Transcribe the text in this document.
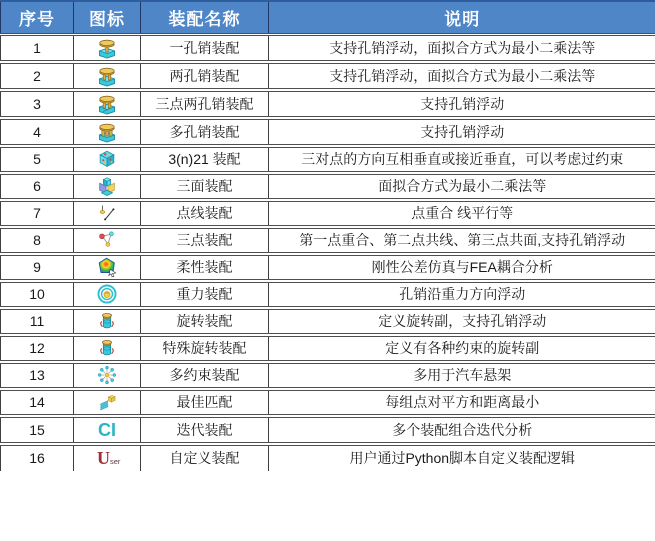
序号	图标	装配名称	说明
1		一孔销装配	支持孔销浮动，面拟合方式为最小二乘法等
2		两孔销装配	支持孔销浮动，面拟合方式为最小二乘法等
3		三点两孔销装配	支持孔销浮动
4		多孔销装配	支持孔销浮动
5		3(n)21 装配	三对点的方向互相垂直或接近垂直，可以考虑过约束
6		三面装配	面拟合方式为最小二乘法等
7		点线装配	点重合 线平行等
8		三点装配	第一点重合、第二点共线、第三点共面,支持孔销浮动
9		柔性装配	刚性公差仿真与FEA耦合分析
10		重力装配	孔销沿重力方向浮动
11		旋转装配	定义旋转副，支持孔销浮动
12		特殊旋转装配	定义有各种约束的旋转副
13		多约束装配	多用于汽车悬架
14		最佳匹配	每组点对平方和距离最小
15	CI	迭代装配	多个装配组合迭代分析
16	U ser	自定义装配	用户通过Python脚本自定义装配逻辑
